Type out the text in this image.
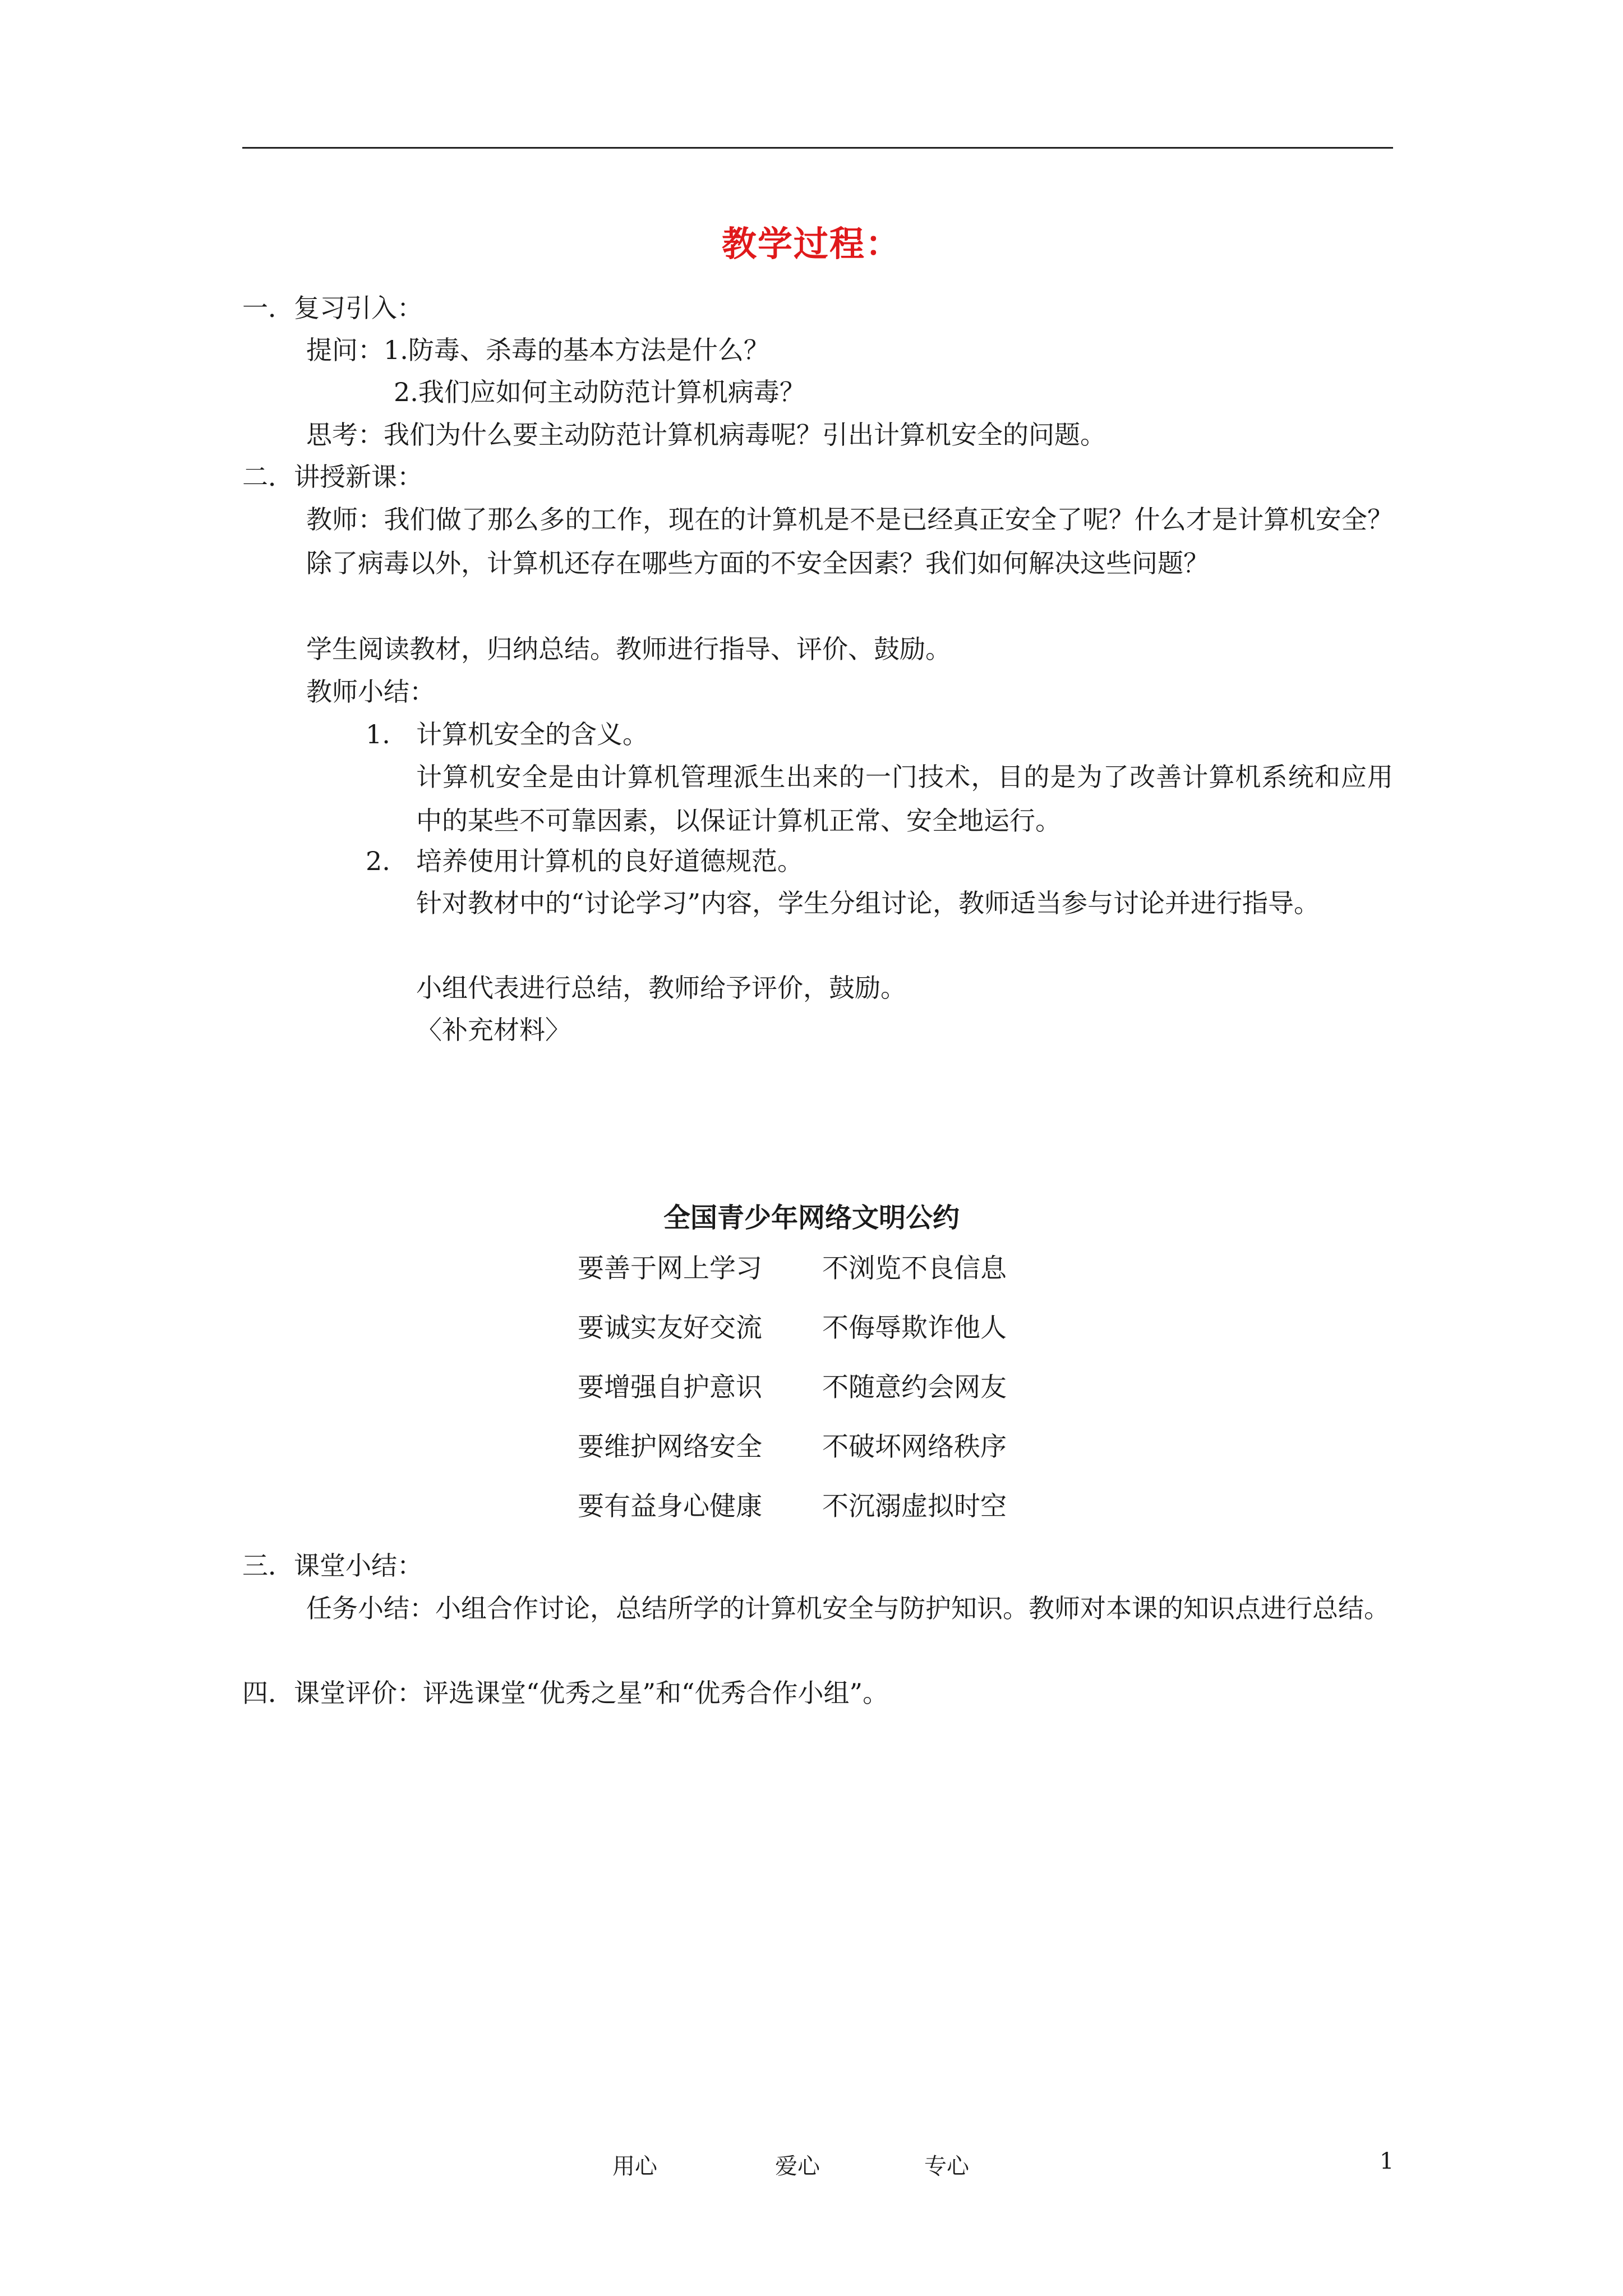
教学过程：
一．复习引入：
提问：1.防毒、杀毒的基本方法是什么？
2.我们应如何主动防范计算机病毒？
思考：我们为什么要主动防范计算机病毒呢？引出计算机安全的问题。
二．讲授新课：
教师：我们做了那么多的工作，现在的计算机是不是已经真正安全了呢？什么才是计算机安全？除了病毒以外，计算机还存在哪些方面的不安全因素？我们如何解决这些问题？
学生阅读教材，归纳总结。教师进行指导、评价、鼓励。
教师小结：
1. 计算机安全的含义。
计算机安全是由计算机管理派生出来的一门技术，目的是为了改善计算机系统和应用中的某些不可靠因素，以保证计算机正常、安全地运行。
2. 培养使用计算机的良好道德规范。
针对教材中的“讨论学习”内容，学生分组讨论，教师适当参与讨论并进行指导。
小组代表进行总结，教师给予评价，鼓励。
〈补充材料〉
全国青少年网络文明公约
要善于网上学习 不浏览不良信息
要诚实友好交流 不侮辱欺诈他人
要增强自护意识 不随意约会网友
要维护网络安全 不破坏网络秩序
要有益身心健康 不沉溺虚拟时空
三．课堂小结：
任务小结：小组合作讨论，总结所学的计算机安全与防护知识。教师对本课的知识点进行总结。
四．课堂评价：评选课堂“优秀之星”和“优秀合作小组”。
用心	爱心	专心	1
